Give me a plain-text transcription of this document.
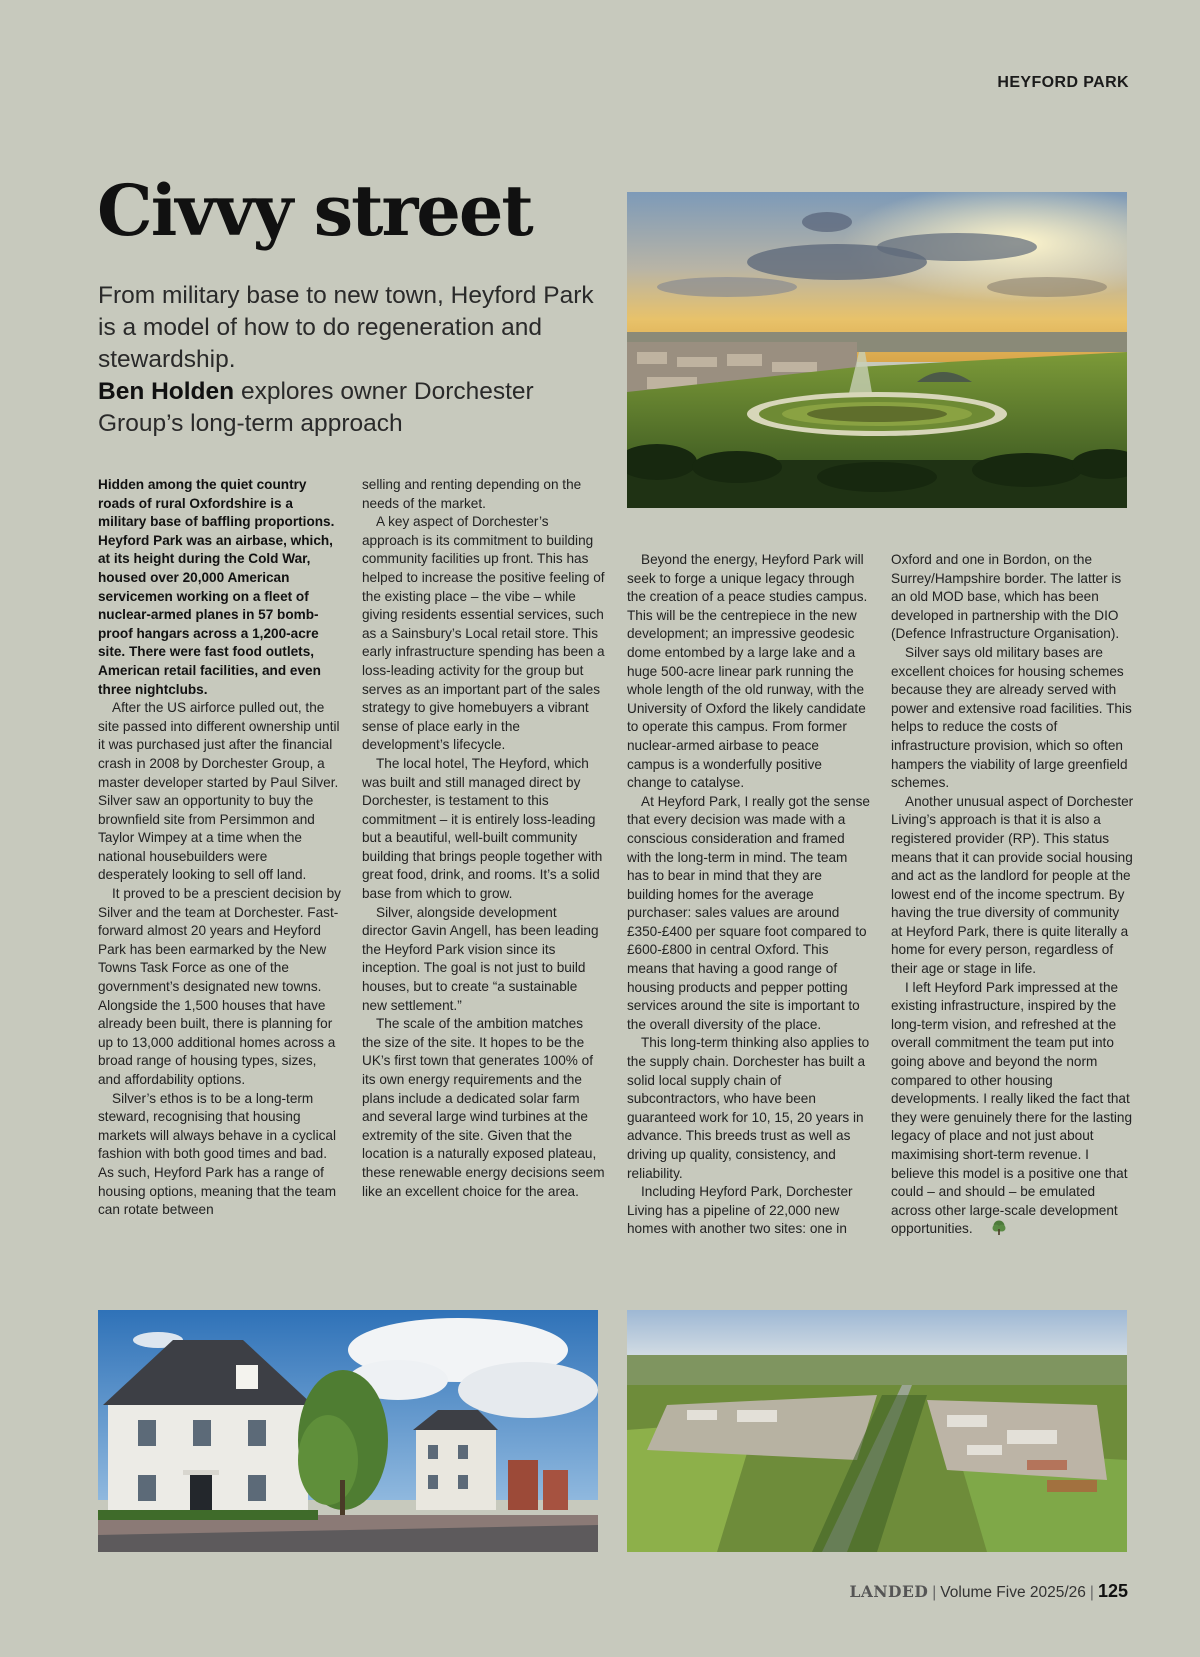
HEYFORD PARK
Civvy street

From military base to new town, Heyford Park is a model of how to do regeneration and stewardship.
Ben Holden explores owner Dorchester Group’s long-term approach

Hidden among the quiet country roads of rural Oxfordshire is a military base of baffling proportions. Heyford Park was an airbase, which, at its height during the Cold War, housed over 20,000 American servicemen working on a fleet of nuclear-armed planes in 57 bomb-proof hangars across a 1,200-acre site. There were fast food outlets, American retail facilities, and even three nightclubs.

After the US airforce pulled out, the site passed into different ownership until it was purchased just after the financial crash in 2008 by Dorchester Group, a master developer started by Paul Silver. Silver saw an opportunity to buy the brownfield site from Persimmon and Taylor Wimpey at a time when the national housebuilders were desperately looking to sell off land.

It proved to be a prescient decision by Silver and the team at Dorchester. Fast-forward almost 20 years and Heyford Park has been earmarked by the New Towns Task Force as one of the government’s designated new towns. Alongside the 1,500 houses that have already been built, there is planning for up to 13,000 additional homes across a broad range of housing types, sizes, and affordability options.

Silver’s ethos is to be a long-term steward, recognising that housing markets will always behave in a cyclical fashion with both good times and bad. As such, Heyford Park has a range of housing options, meaning that the team can rotate between

selling and renting depending on the needs of the market.

A key aspect of Dorchester’s approach is its commitment to building community facilities up front. This has helped to increase the positive feeling of the existing place – the vibe – while giving residents essential services, such as a Sainsbury’s Local retail store. This early infrastructure spending has been a loss-leading activity for the group but serves as an important part of the sales strategy to give homebuyers a vibrant sense of place early in the development’s lifecycle.

The local hotel, The Heyford, which was built and still managed direct by Dorchester, is testament to this commitment – it is entirely loss-leading but a beautiful, well-built community building that brings people together with great food, drink, and rooms. It’s a solid base from which to grow.

Silver, alongside development director Gavin Angell, has been leading the Heyford Park vision since its inception. The goal is not just to build houses, but to create “a sustainable new settlement.”

The scale of the ambition matches the size of the site. It hopes to be the UK’s first town that generates 100% of its own energy requirements and the plans include a dedicated solar farm and several large wind turbines at the extremity of the site. Given that the location is a naturally exposed plateau, these renewable energy decisions seem like an excellent choice for the area.

Beyond the energy, Heyford Park will seek to forge a unique legacy through the creation of a peace studies campus. This will be the centrepiece in the new development; an impressive geodesic dome entombed by a large lake and a huge 500-acre linear park running the whole length of the old runway, with the University of Oxford the likely candidate to operate this campus. From former nuclear-armed airbase to peace campus is a wonderfully positive change to catalyse.

At Heyford Park, I really got the sense that every decision was made with a conscious consideration and framed with the long-term in mind. The team has to bear in mind that they are building homes for the average purchaser: sales values are around £350-£400 per square foot compared to £600-£800 in central Oxford. This means that having a good range of housing products and pepper potting services around the site is important to the overall diversity of the place.

This long-term thinking also applies to the supply chain. Dorchester has built a solid local supply chain of subcontractors, who have been guaranteed work for 10, 15, 20 years in advance. This breeds trust as well as driving up quality, consistency, and reliability.

Including Heyford Park, Dorchester Living has a pipeline of 22,000 new homes with another two sites: one in

Oxford and one in Bordon, on the Surrey/Hampshire border. The latter is an old MOD base, which has been developed in partnership with the DIO (Defence Infrastructure Organisation).

Silver says old military bases are excellent choices for housing schemes because they are already served with power and extensive road facilities. This helps to reduce the costs of infrastructure provision, which so often hampers the viability of large greenfield schemes.

Another unusual aspect of Dorchester Living’s approach is that it is also a registered provider (RP). This status means that it can provide social housing and act as the landlord for people at the lowest end of the income spectrum. By having the true diversity of community at Heyford Park, there is quite literally a home for every person, regardless of their age or stage in life.

I left Heyford Park impressed at the existing infrastructure, inspired by the long-term vision, and refreshed at the overall commitment the team put into going above and beyond the norm compared to other housing developments. I really liked the fact that they were genuinely there for the lasting legacy of place and not just about maximising short-term revenue. I believe this model is a positive one that could – and should – be emulated across other large-scale development opportunities.

LANDED | Volume Five 2025/26 | 125
